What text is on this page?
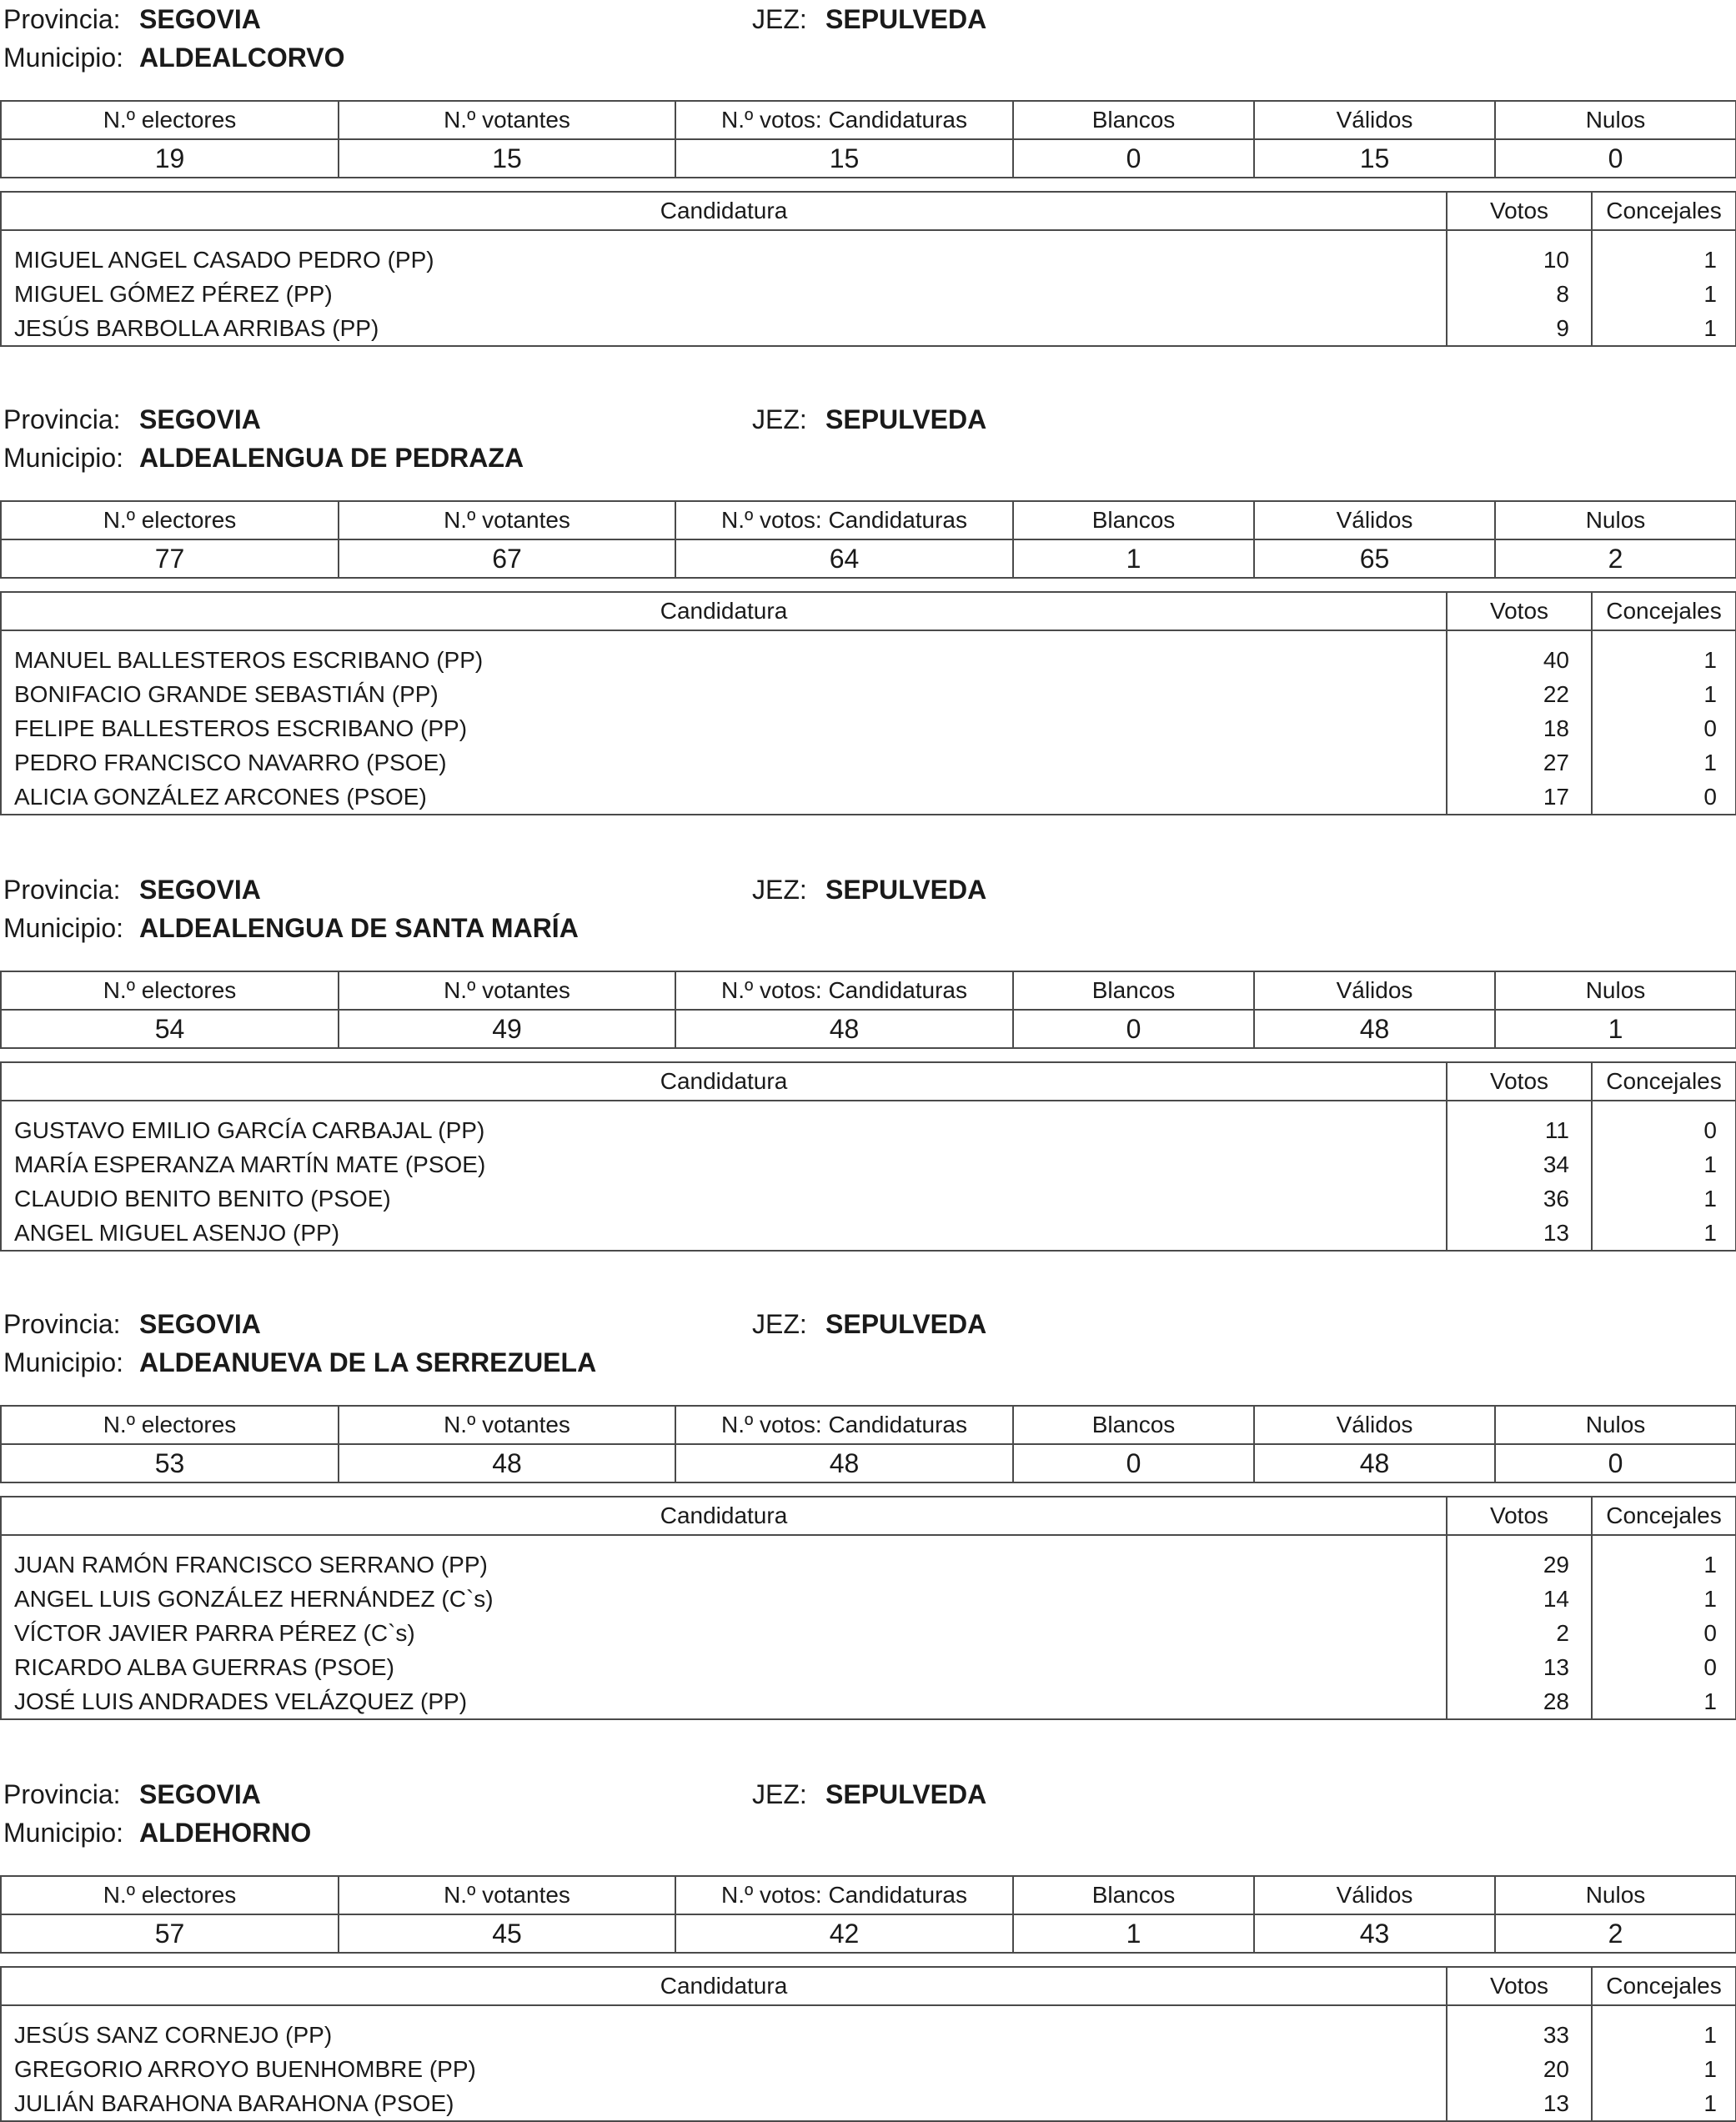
Provincia: SEGOVIA	JEZ: SEPULVEDA
Municipio: ALDEALCORVO
N.º electores	N.º votantes	N.º votos: Candidaturas	Blancos	Válidos	Nulos
19	15	15	0	15	0
Candidatura	Votos	Concejales
MIGUEL ANGEL CASADO PEDRO (PP)	10	1
MIGUEL GÓMEZ PÉREZ (PP)	8	1
JESÚS BARBOLLA ARRIBAS (PP)	9	1
Provincia: SEGOVIA	JEZ: SEPULVEDA
Municipio: ALDEALENGUA DE PEDRAZA
N.º electores	N.º votantes	N.º votos: Candidaturas	Blancos	Válidos	Nulos
77	67	64	1	65	2
Candidatura	Votos	Concejales
MANUEL BALLESTEROS ESCRIBANO (PP)	40	1
BONIFACIO GRANDE SEBASTIÁN (PP)	22	1
FELIPE BALLESTEROS ESCRIBANO (PP)	18	0
PEDRO FRANCISCO NAVARRO (PSOE)	27	1
ALICIA GONZÁLEZ ARCONES (PSOE)	17	0
Provincia: SEGOVIA	JEZ: SEPULVEDA
Municipio: ALDEALENGUA DE SANTA MARÍA
N.º electores	N.º votantes	N.º votos: Candidaturas	Blancos	Válidos	Nulos
54	49	48	0	48	1
Candidatura	Votos	Concejales
GUSTAVO EMILIO GARCÍA CARBAJAL (PP)	11	0
MARÍA ESPERANZA MARTÍN MATE (PSOE)	34	1
CLAUDIO BENITO BENITO (PSOE)	36	1
ANGEL MIGUEL ASENJO (PP)	13	1
Provincia: SEGOVIA	JEZ: SEPULVEDA
Municipio: ALDEANUEVA DE LA SERREZUELA
N.º electores	N.º votantes	N.º votos: Candidaturas	Blancos	Válidos	Nulos
53	48	48	0	48	0
Candidatura	Votos	Concejales
JUAN RAMÓN FRANCISCO SERRANO (PP)	29	1
ANGEL LUIS GONZÁLEZ HERNÁNDEZ (C`s)	14	1
VÍCTOR JAVIER PARRA PÉREZ (C`s)	2	0
RICARDO ALBA GUERRAS (PSOE)	13	0
JOSÉ LUIS ANDRADES VELÁZQUEZ (PP)	28	1
Provincia: SEGOVIA	JEZ: SEPULVEDA
Municipio: ALDEHORNO
N.º electores	N.º votantes	N.º votos: Candidaturas	Blancos	Válidos	Nulos
57	45	42	1	43	2
Candidatura	Votos	Concejales
JESÚS SANZ CORNEJO (PP)	33	1
GREGORIO ARROYO BUENHOMBRE (PP)	20	1
JULIÁN BARAHONA BARAHONA (PSOE)	13	1
